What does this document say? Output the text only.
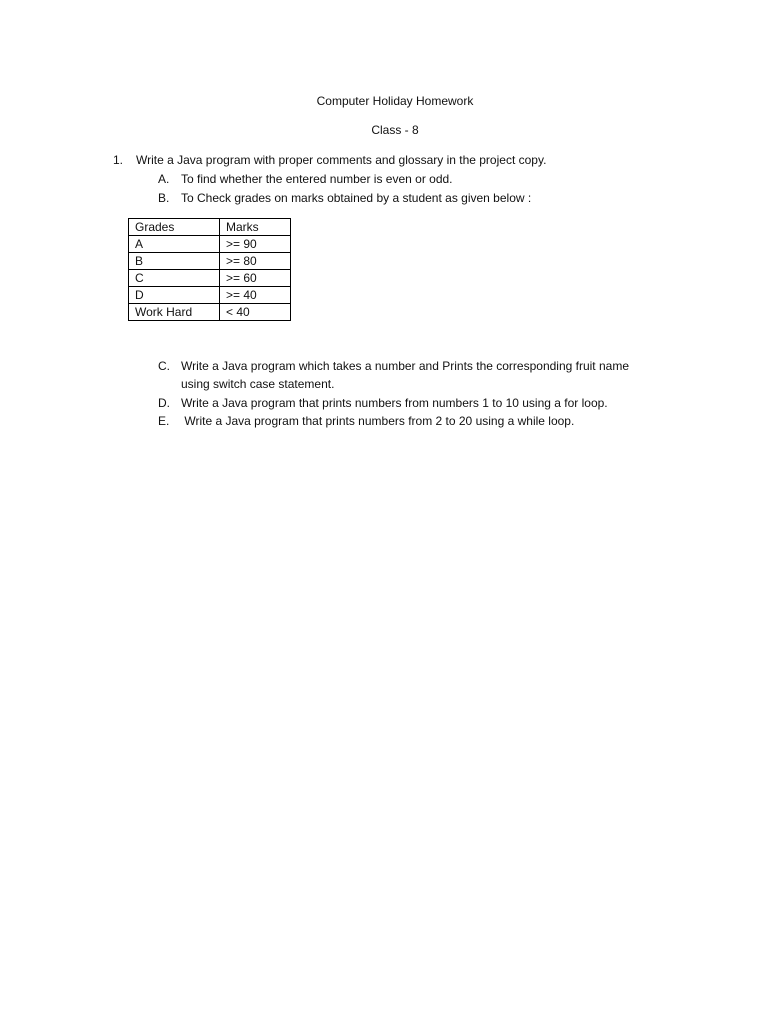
Computer Holiday Homework
Class - 8
1. Write a Java program with proper comments and glossary in the project copy.
A. To find whether the entered number is even or odd.
B. To Check grades on marks obtained by a student as given below :
Grades	Marks
A	>= 90
B	>= 80
C	>= 60
D	>= 40
Work Hard	< 40
C. Write a Java program which takes a number and Prints the corresponding fruit name
using switch case statement.
D. Write a Java program that prints numbers from numbers 1 to 10 using a for loop.
E. Write a Java program that prints numbers from 2 to 20 using a while loop.
